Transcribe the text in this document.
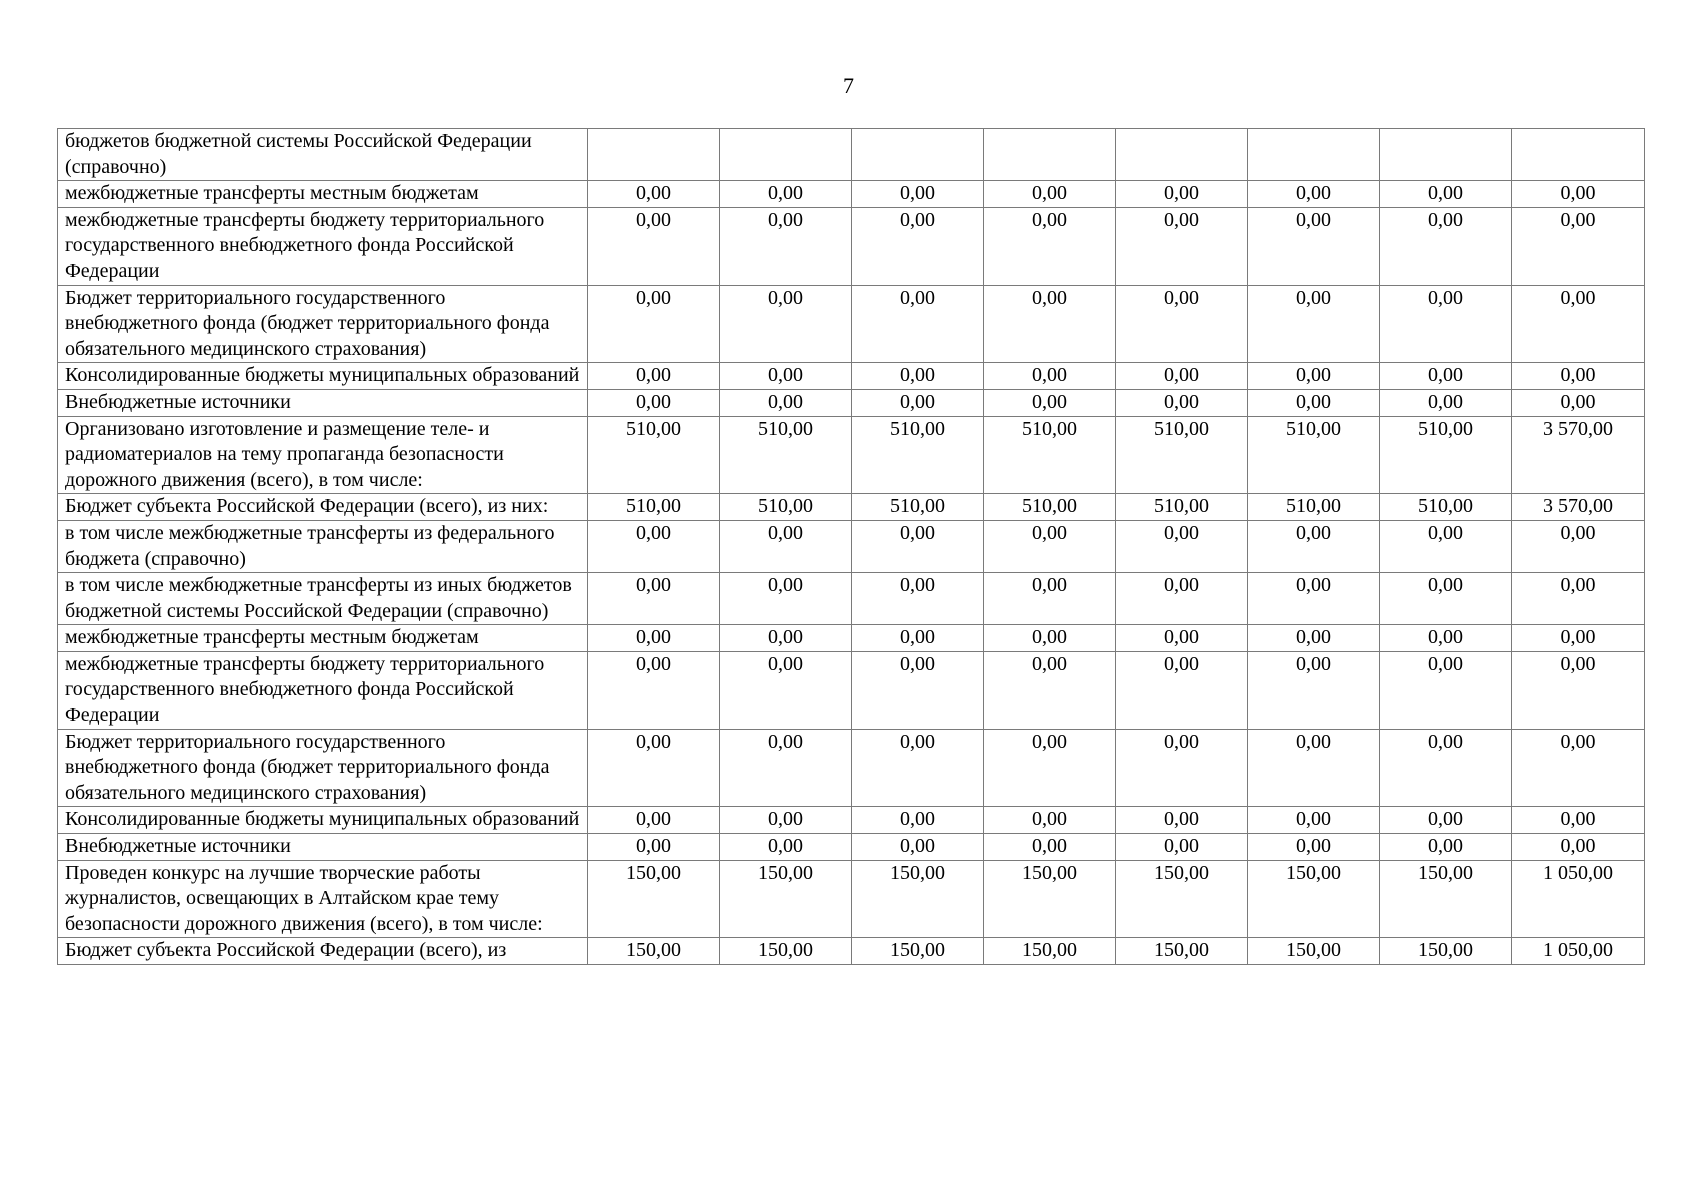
7
бюджетов бюджетной системы Российской Федерации (справочно)								
межбюджетные трансферты местным бюджетам	0,00	0,00	0,00	0,00	0,00	0,00	0,00	0,00
межбюджетные трансферты бюджету территориального государственного внебюджетного фонда Российской Федерации	0,00	0,00	0,00	0,00	0,00	0,00	0,00	0,00
Бюджет территориального государственного внебюджетного фонда (бюджет территориального фонда обязательного медицинского страхования)	0,00	0,00	0,00	0,00	0,00	0,00	0,00	0,00
Консолидированные бюджеты муниципальных образований	0,00	0,00	0,00	0,00	0,00	0,00	0,00	0,00
Внебюджетные источники	0,00	0,00	0,00	0,00	0,00	0,00	0,00	0,00
Организовано изготовление и размещение теле- и радиоматериалов на тему пропаганда безопасности дорожного движения (всего), в том числе:	510,00	510,00	510,00	510,00	510,00	510,00	510,00	3 570,00
Бюджет субъекта Российской Федерации (всего), из них:	510,00	510,00	510,00	510,00	510,00	510,00	510,00	3 570,00
в том числе межбюджетные трансферты из федерального бюджета (справочно)	0,00	0,00	0,00	0,00	0,00	0,00	0,00	0,00
в том числе межбюджетные трансферты из иных бюджетов бюджетной системы Российской Федерации (справочно)	0,00	0,00	0,00	0,00	0,00	0,00	0,00	0,00
межбюджетные трансферты местным бюджетам	0,00	0,00	0,00	0,00	0,00	0,00	0,00	0,00
межбюджетные трансферты бюджету территориального государственного внебюджетного фонда Российской Федерации	0,00	0,00	0,00	0,00	0,00	0,00	0,00	0,00
Бюджет территориального государственного внебюджетного фонда (бюджет территориального фонда обязательного медицинского страхования)	0,00	0,00	0,00	0,00	0,00	0,00	0,00	0,00
Консолидированные бюджеты муниципальных образований	0,00	0,00	0,00	0,00	0,00	0,00	0,00	0,00
Внебюджетные источники	0,00	0,00	0,00	0,00	0,00	0,00	0,00	0,00
Проведен конкурс на лучшие творческие работы журналистов, освещающих в Алтайском крае тему безопасности дорожного движения (всего), в том числе:	150,00	150,00	150,00	150,00	150,00	150,00	150,00	1 050,00
Бюджет субъекта Российской Федерации (всего), из	150,00	150,00	150,00	150,00	150,00	150,00	150,00	1 050,00
